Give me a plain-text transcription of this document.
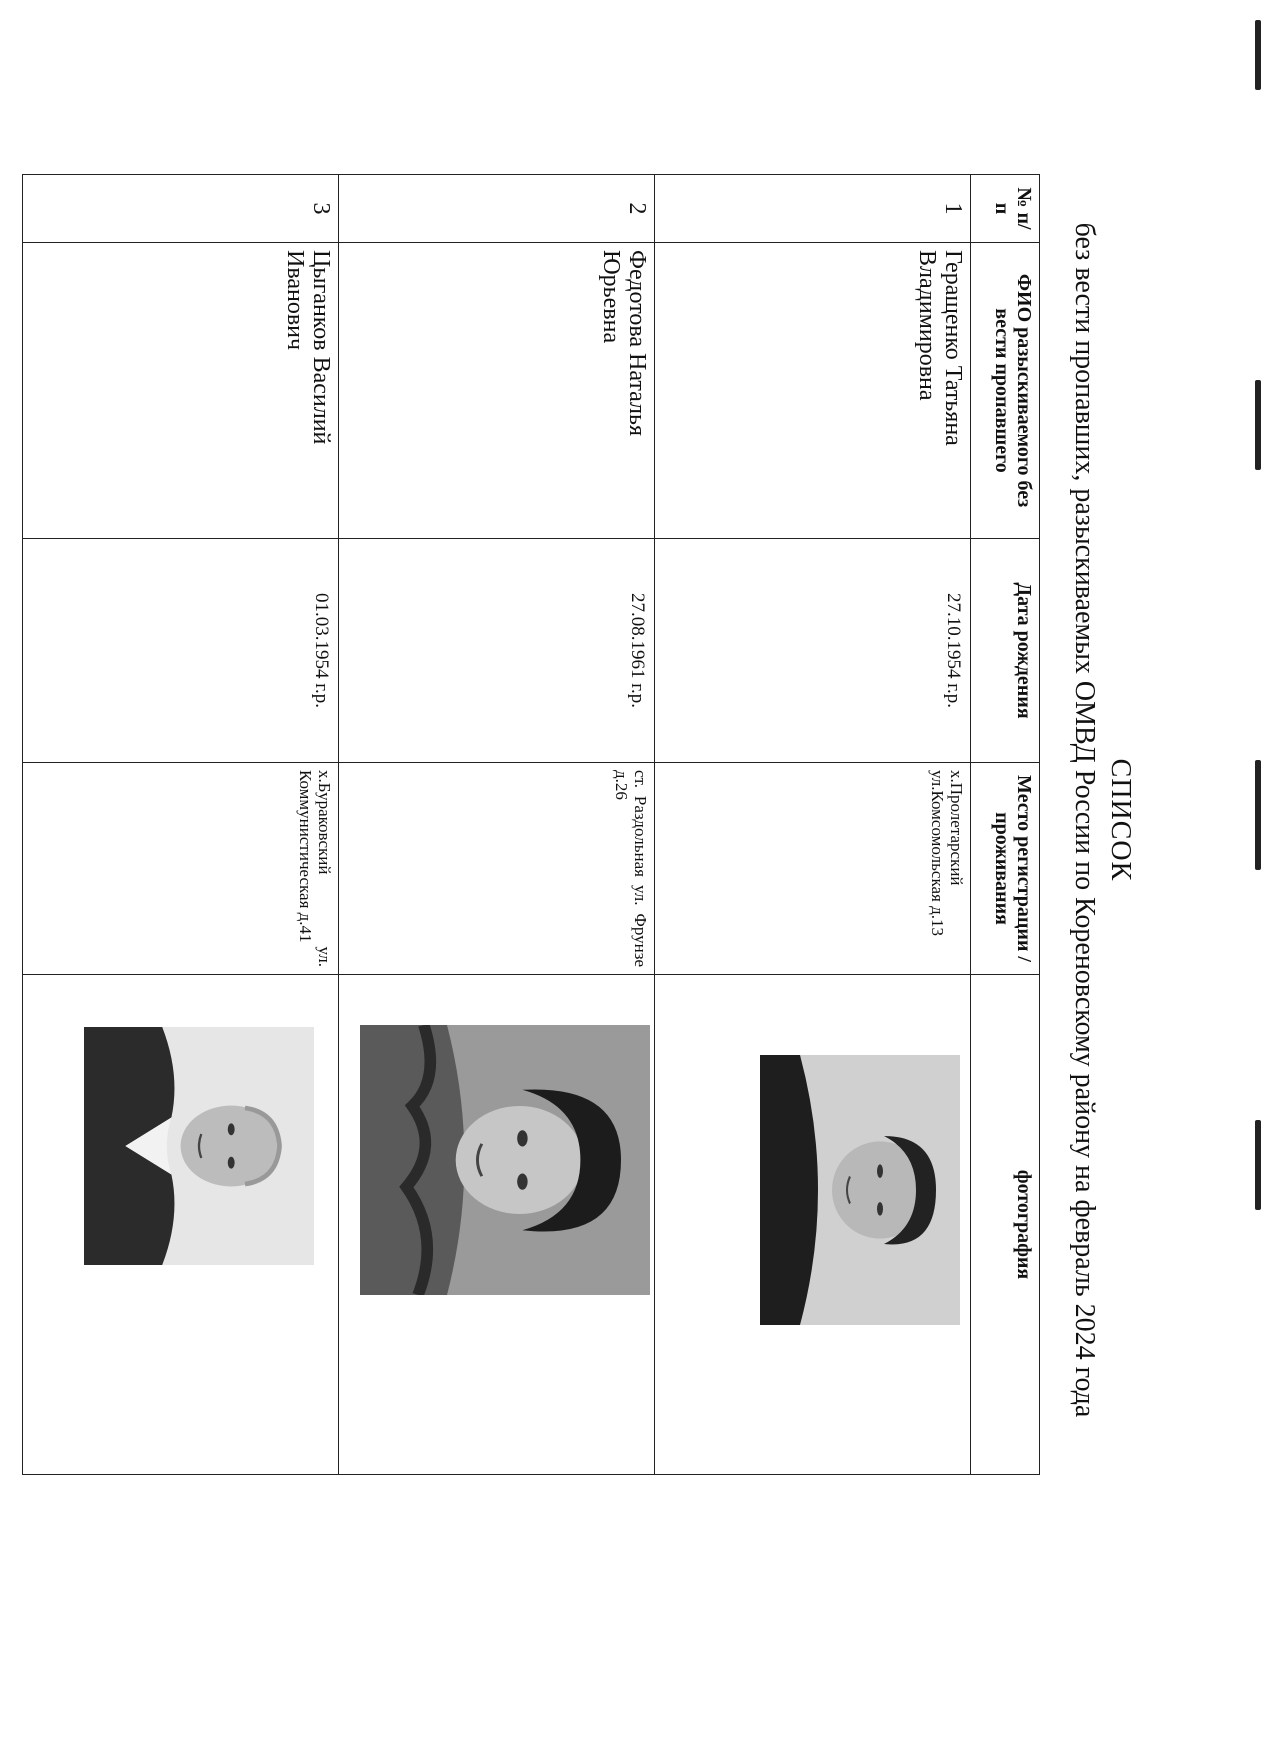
СПИСОК
без вести пропавших, разыскиваемых ОМВД России по Кореновскому району на февраль 2024 года
№ п/п	ФИО разыскиваемого без вести пропавшего	Дата рождения	Место регистрации /проживания	фотография
1	Геращенко Татьяна Владимировна	27.10.1954 г.р.	х.Пролетарский ул.Комсомольская д.13	

2	Федотова Наталья Юрьевна	27.08.1961 г.р.	ст. Раздольная ул. Фрунзе д.26	

3	Цыганков Василий Иванович	01.03.1954 г.р.	х.Бураковский ул. Коммунистическая д.41	
